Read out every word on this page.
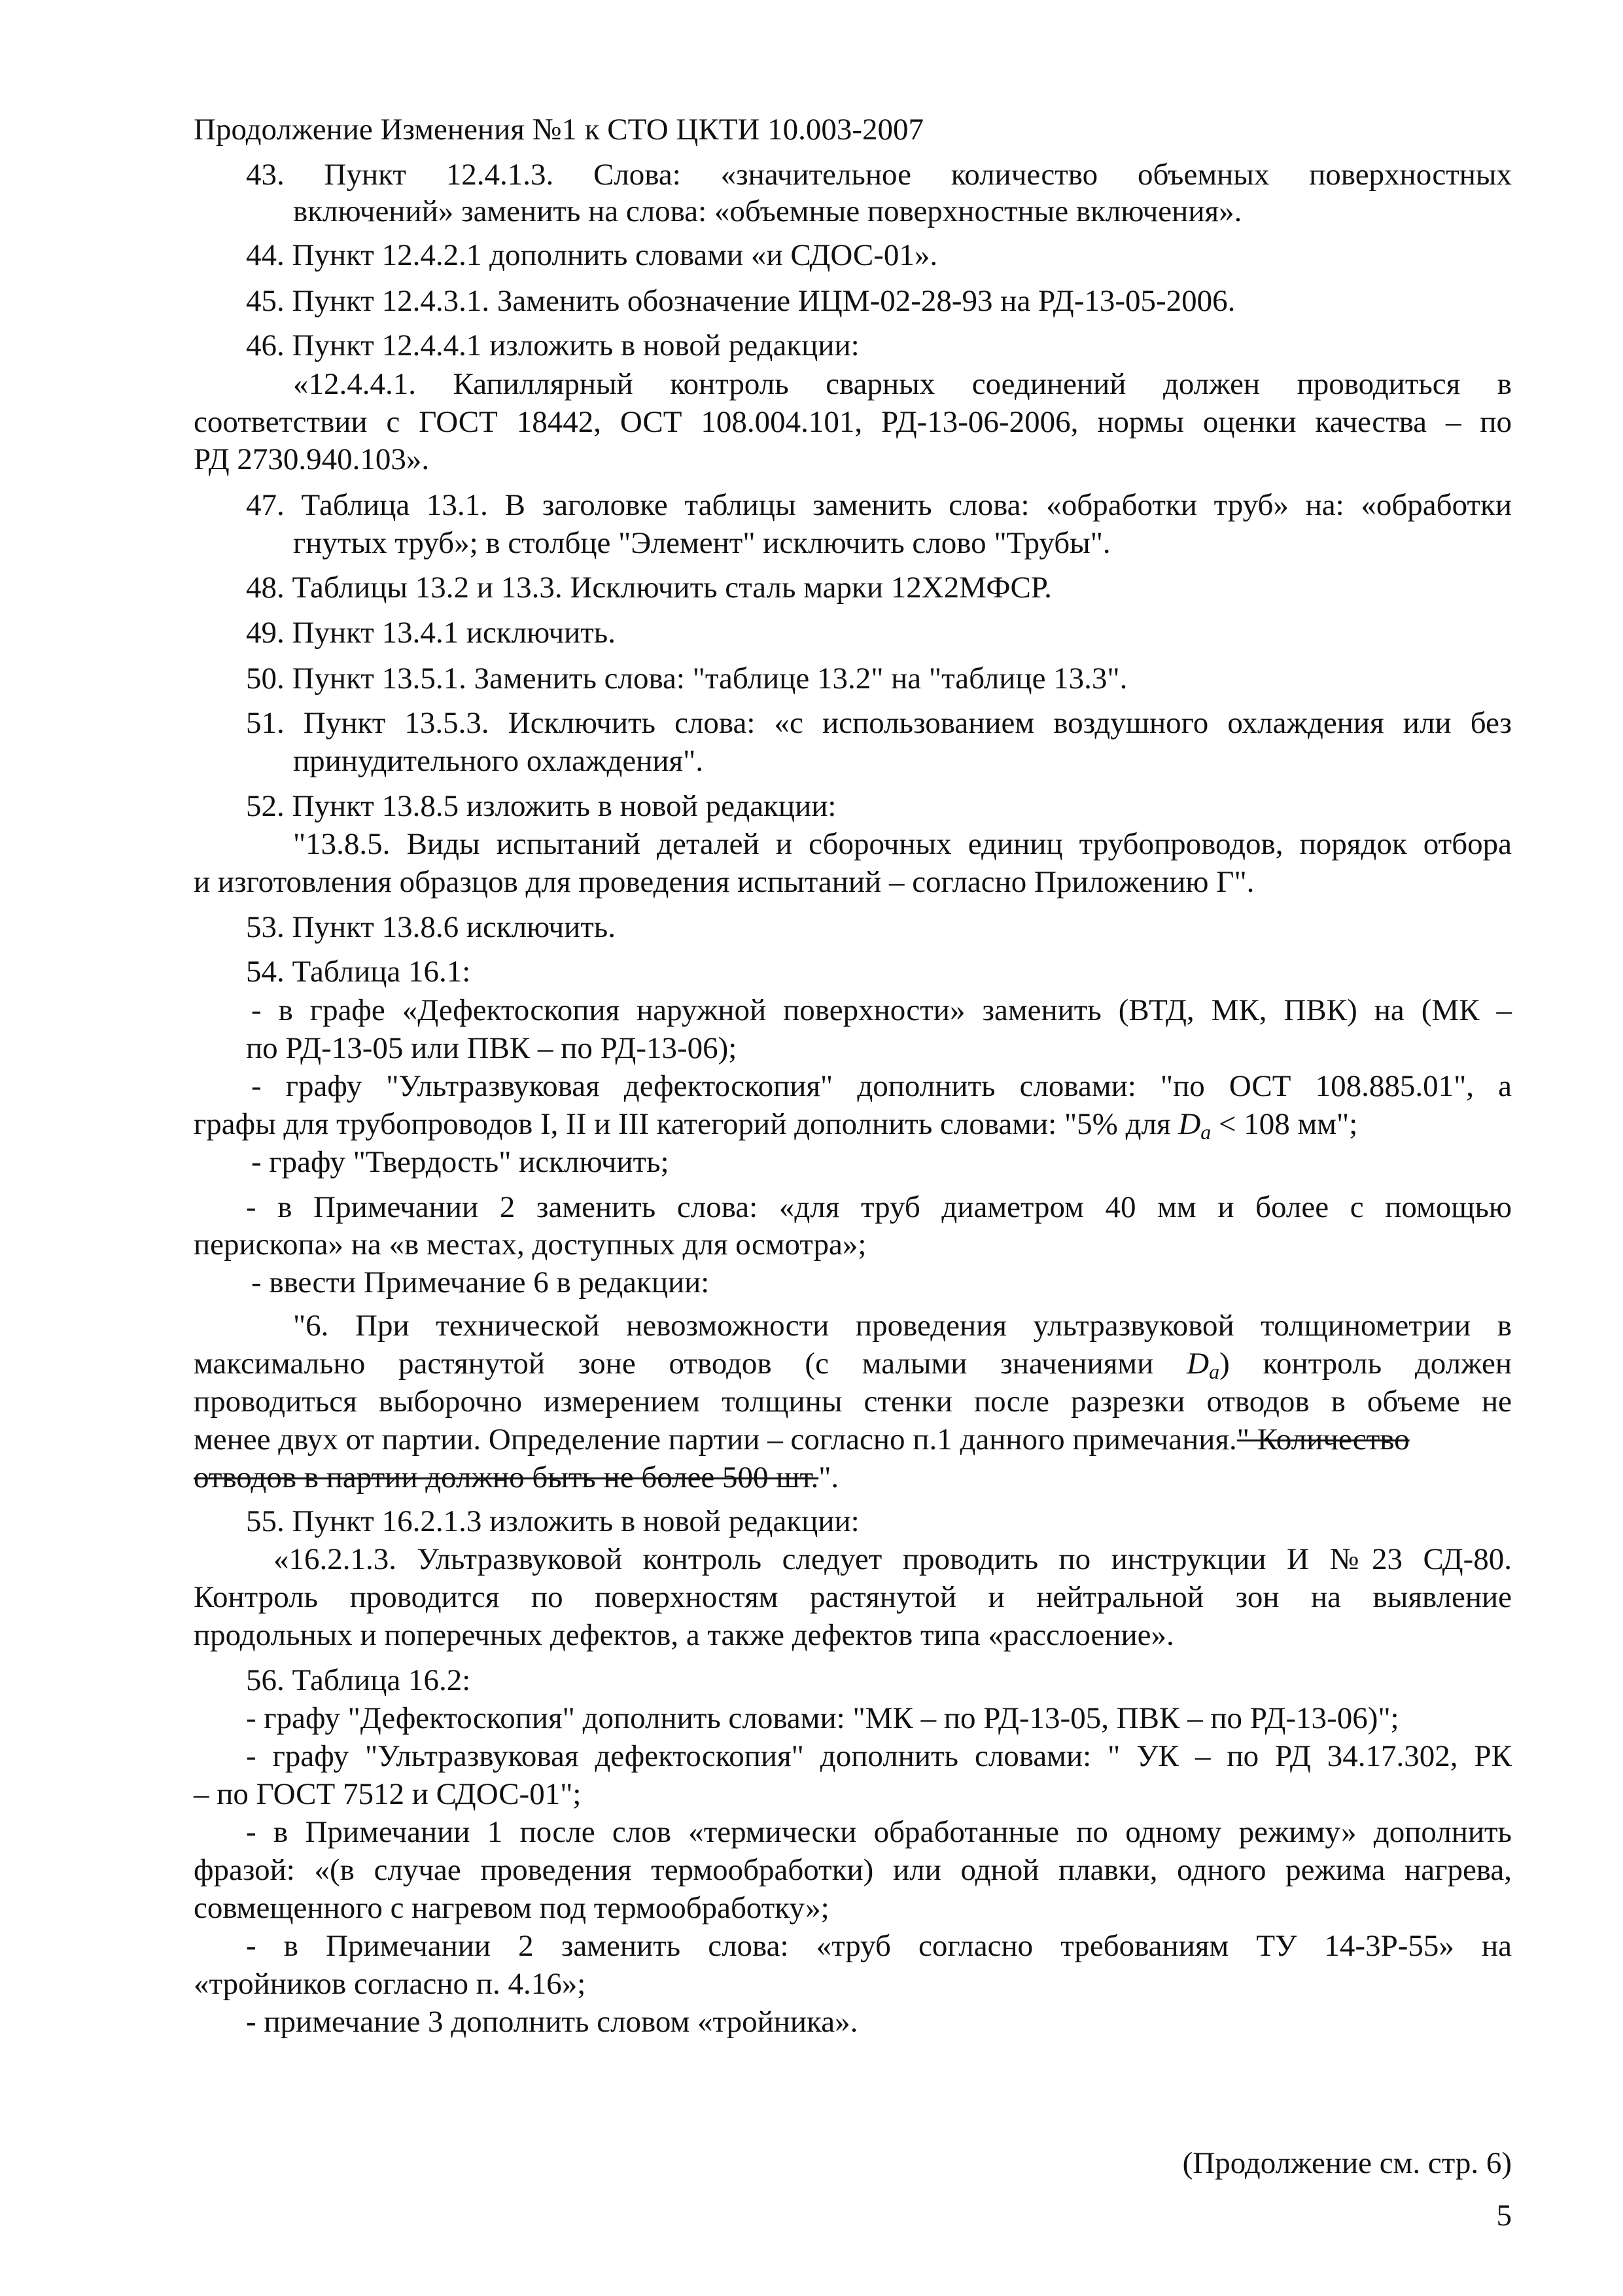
Продолжение Изменения №1 к СТО ЦКТИ 10.003-2007

43. Пункт 12.4.1.3. Слова: «значительное количество объемных поверхностных

включений» заменить на слова: «объемные поверхностные включения».

44. Пункт 12.4.2.1 дополнить словами «и СДОС-01».

45. Пункт 12.4.3.1. Заменить обозначение ИЦМ-02-28-93 на РД-13-05-2006.

46. Пункт 12.4.4.1 изложить в новой редакции:

«12.4.4.1. Капиллярный контроль сварных соединений должен проводиться в

соответствии с ГОСТ 18442, ОСТ 108.004.101, РД-13-06-2006, нормы оценки качества – по

РД 2730.940.103».

47. Таблица 13.1. В заголовке таблицы заменить слова: «обработки труб» на: «обработки

гнутых труб»; в столбце "Элемент" исключить слово "Трубы".

48. Таблицы 13.2 и 13.3. Исключить сталь марки 12Х2МФСР.

49. Пункт 13.4.1 исключить.

50. Пункт 13.5.1. Заменить слова: "таблице 13.2" на "таблице 13.3".

51. Пункт 13.5.3. Исключить слова: «с использованием воздушного охлаждения или без

принудительного охлаждения".

52. Пункт 13.8.5 изложить в новой редакции:

"13.8.5. Виды испытаний деталей и сборочных единиц трубопроводов, порядок отбора

и изготовления образцов для проведения испытаний – согласно Приложению Г".

53. Пункт 13.8.6 исключить.

54. Таблица 16.1:

- в графе «Дефектоскопия наружной поверхности» заменить (ВТД, МК, ПВК) на (МК –

по РД-13-05 или ПВК – по РД-13-06);

- графу "Ультразвуковая дефектоскопия" дополнить словами: "по ОСТ 108.885.01", а

графы для трубопроводов I, II и III категорий дополнить словами: "5% для $D_a < 108$ мм";

- графу "Твердость" исключить;

- в Примечании 2 заменить слова: «для труб диаметром 40 мм и более с помощью

перископа» на «в местах, доступных для осмотра»;

- ввести Примечание 6 в редакции:

"6. При технической невозможности проведения ультразвуковой толщинометрии в

максимально растянутой зоне отводов (с малыми значениями $D_a$) контроль должен

проводиться выборочно измерением толщины стенки после разрезки отводов в объеме не

менее двух от партии. Определение партии – согласно п.1 данного примечания." Количество
отводов в партии должно быть не более 500 шт.".

55. Пункт 16.2.1.3 изложить в новой редакции:

«16.2.1.3. Ультразвуковой контроль следует проводить по инструкции И №23 СД-80.

Контроль проводится по поверхностям растянутой и нейтральной зон на выявление

продольных и поперечных дефектов, а также дефектов типа «расслоение».

56. Таблица 16.2:

- графу "Дефектоскопия" дополнить словами: "МК – по РД-13-05, ПВК – по РД-13-06)";

- графу "Ультразвуковая дефектоскопия" дополнить словами: " УК – по РД 34.17.302, РК

– по ГОСТ 7512 и СДОС-01";

- в Примечании 1 после слов «термически обработанные по одному режиму» дополнить

фразой: «(в случае проведения термообработки) или одной плавки, одного режима нагрева,

совмещенного с нагревом под термообработку»;

- в Примечании 2 заменить слова: «труб согласно требованиям ТУ 14-3Р-55» на

«тройников согласно п. 4.16»;

- примечание 3 дополнить словом «тройника».

(Продолжение см. стр. 6)

5
